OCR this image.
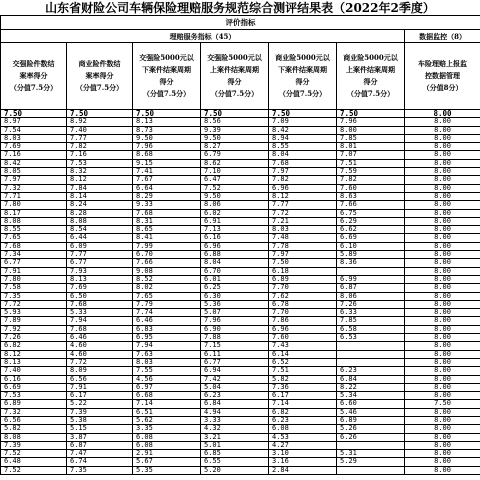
山东省财险公司车辆保险理赔服务规范综合测评结果表（2022年2季度）
评价指标						
理赔服务指标（45）						数据监控（8）

交强险件数结
案率得分
（分值7.5分）	商业险件数结
案率得分
（分值7.5分）	交强险5000元以
下案件结案周期
得分
（分值7.5分）	交强险5000元以
上案件结案周期
得分
（分值7.5分）	商业险5000元以
下案件结案周期
得分
（分值7.5分）	商业险5000元以
上案件结案周期
得分
（分值7.5分）	车险理赔上报监
控数据管理
（分值8分）

7.50	7.50	7.50	7.50	7.50	7.50	8.00
8.97	8.92	8.13	8.56	7.09	7.96	8.00
7.54	7.40	8.73	9.39	8.42	8.00	8.00
8.03	7.77	9.50	9.50	8.94	7.85	8.00
7.69	7.82	7.96	8.27	8.55	8.01	8.00
7.16	7.16	8.68	6.79	8.04	7.07	8.00
8.42	7.53	9.15	8.62	7.68	7.51	8.00
8.05	8.32	7.41	7.10	7.97	7.59	8.00
7.97	8.12	7.67	6.47	7.82	7.82	8.00
7.32	7.84	6.64	7.52	6.96	7.60	8.00
7.71	8.14	8.29	9.50	8.12	8.63	8.00
7.80	8.24	9.33	8.06	7.77	7.66	8.00
8.17	8.28	7.68	6.02	7.72	6.75	8.00
8.08	8.08	8.31	6.91	7.21	6.29	8.00
8.55	8.54	8.65	7.13	8.03	6.62	8.00
7.65	6.44	8.41	6.16	7.48	6.69	8.00
7.68	6.09	7.99	6.96	7.78	6.10	8.00
7.34	7.77	6.70	6.88	7.97	5.89	8.00
6.77	6.77	7.66	8.04	7.50	8.36	8.00
7.91	7.93	9.08	6.70	6.18		8.00
7.80	8.13	8.52	6.01	6.89	6.99	8.00
7.58	7.69	8.02	6.25	7.70	6.87	8.00
7.35	6.50	7.65	6.30	7.62	8.06	8.00
7.72	7.68	7.79	5.36	6.78	7.26	8.00
5.93	5.33	7.74	5.07	7.70	6.33	8.00
7.89	7.94	6.46	7.96	7.86	7.85	8.00
7.92	7.68	6.83	6.90	6.96	6.58	8.00
7.26	6.46	6.95	7.88	7.60	6.53	8.00
6.82	4.60	7.94	7.15	7.43		8.00
8.12	4.60	7.63	6.11	6.14		8.00
8.13	7.72	8.03	6.77	6.52		8.00
7.40	8.09	7.55	6.94	7.51	6.23	8.00
6.16	6.56	4.56	7.42	5.82	6.84	8.00
6.69	7.91	6.97	5.04	7.36	8.22	8.00
7.53	6.17	6.68	6.23	6.17	5.34	8.00
6.89	5.22	7.14	6.84	7.14	6.60	7.50
7.32	7.39	6.51	4.94	6.82	5.46	8.00
6.56	5.38	5.62	3.33	6.23	6.89	8.00
5.82	5.15	3.35	4.32	6.08	5.26	8.00
8.08	3.87	6.08	3.21	4.53	6.26	8.00
7.39	6.87	6.08	5.01	4.27		8.00
7.52	7.47	2.91	6.85	3.10	5.31	8.00
6.48	6.74	5.67	6.55	3.16	5.29	8.00
7.52	7.35	5.35	5.20	2.84		8.00
